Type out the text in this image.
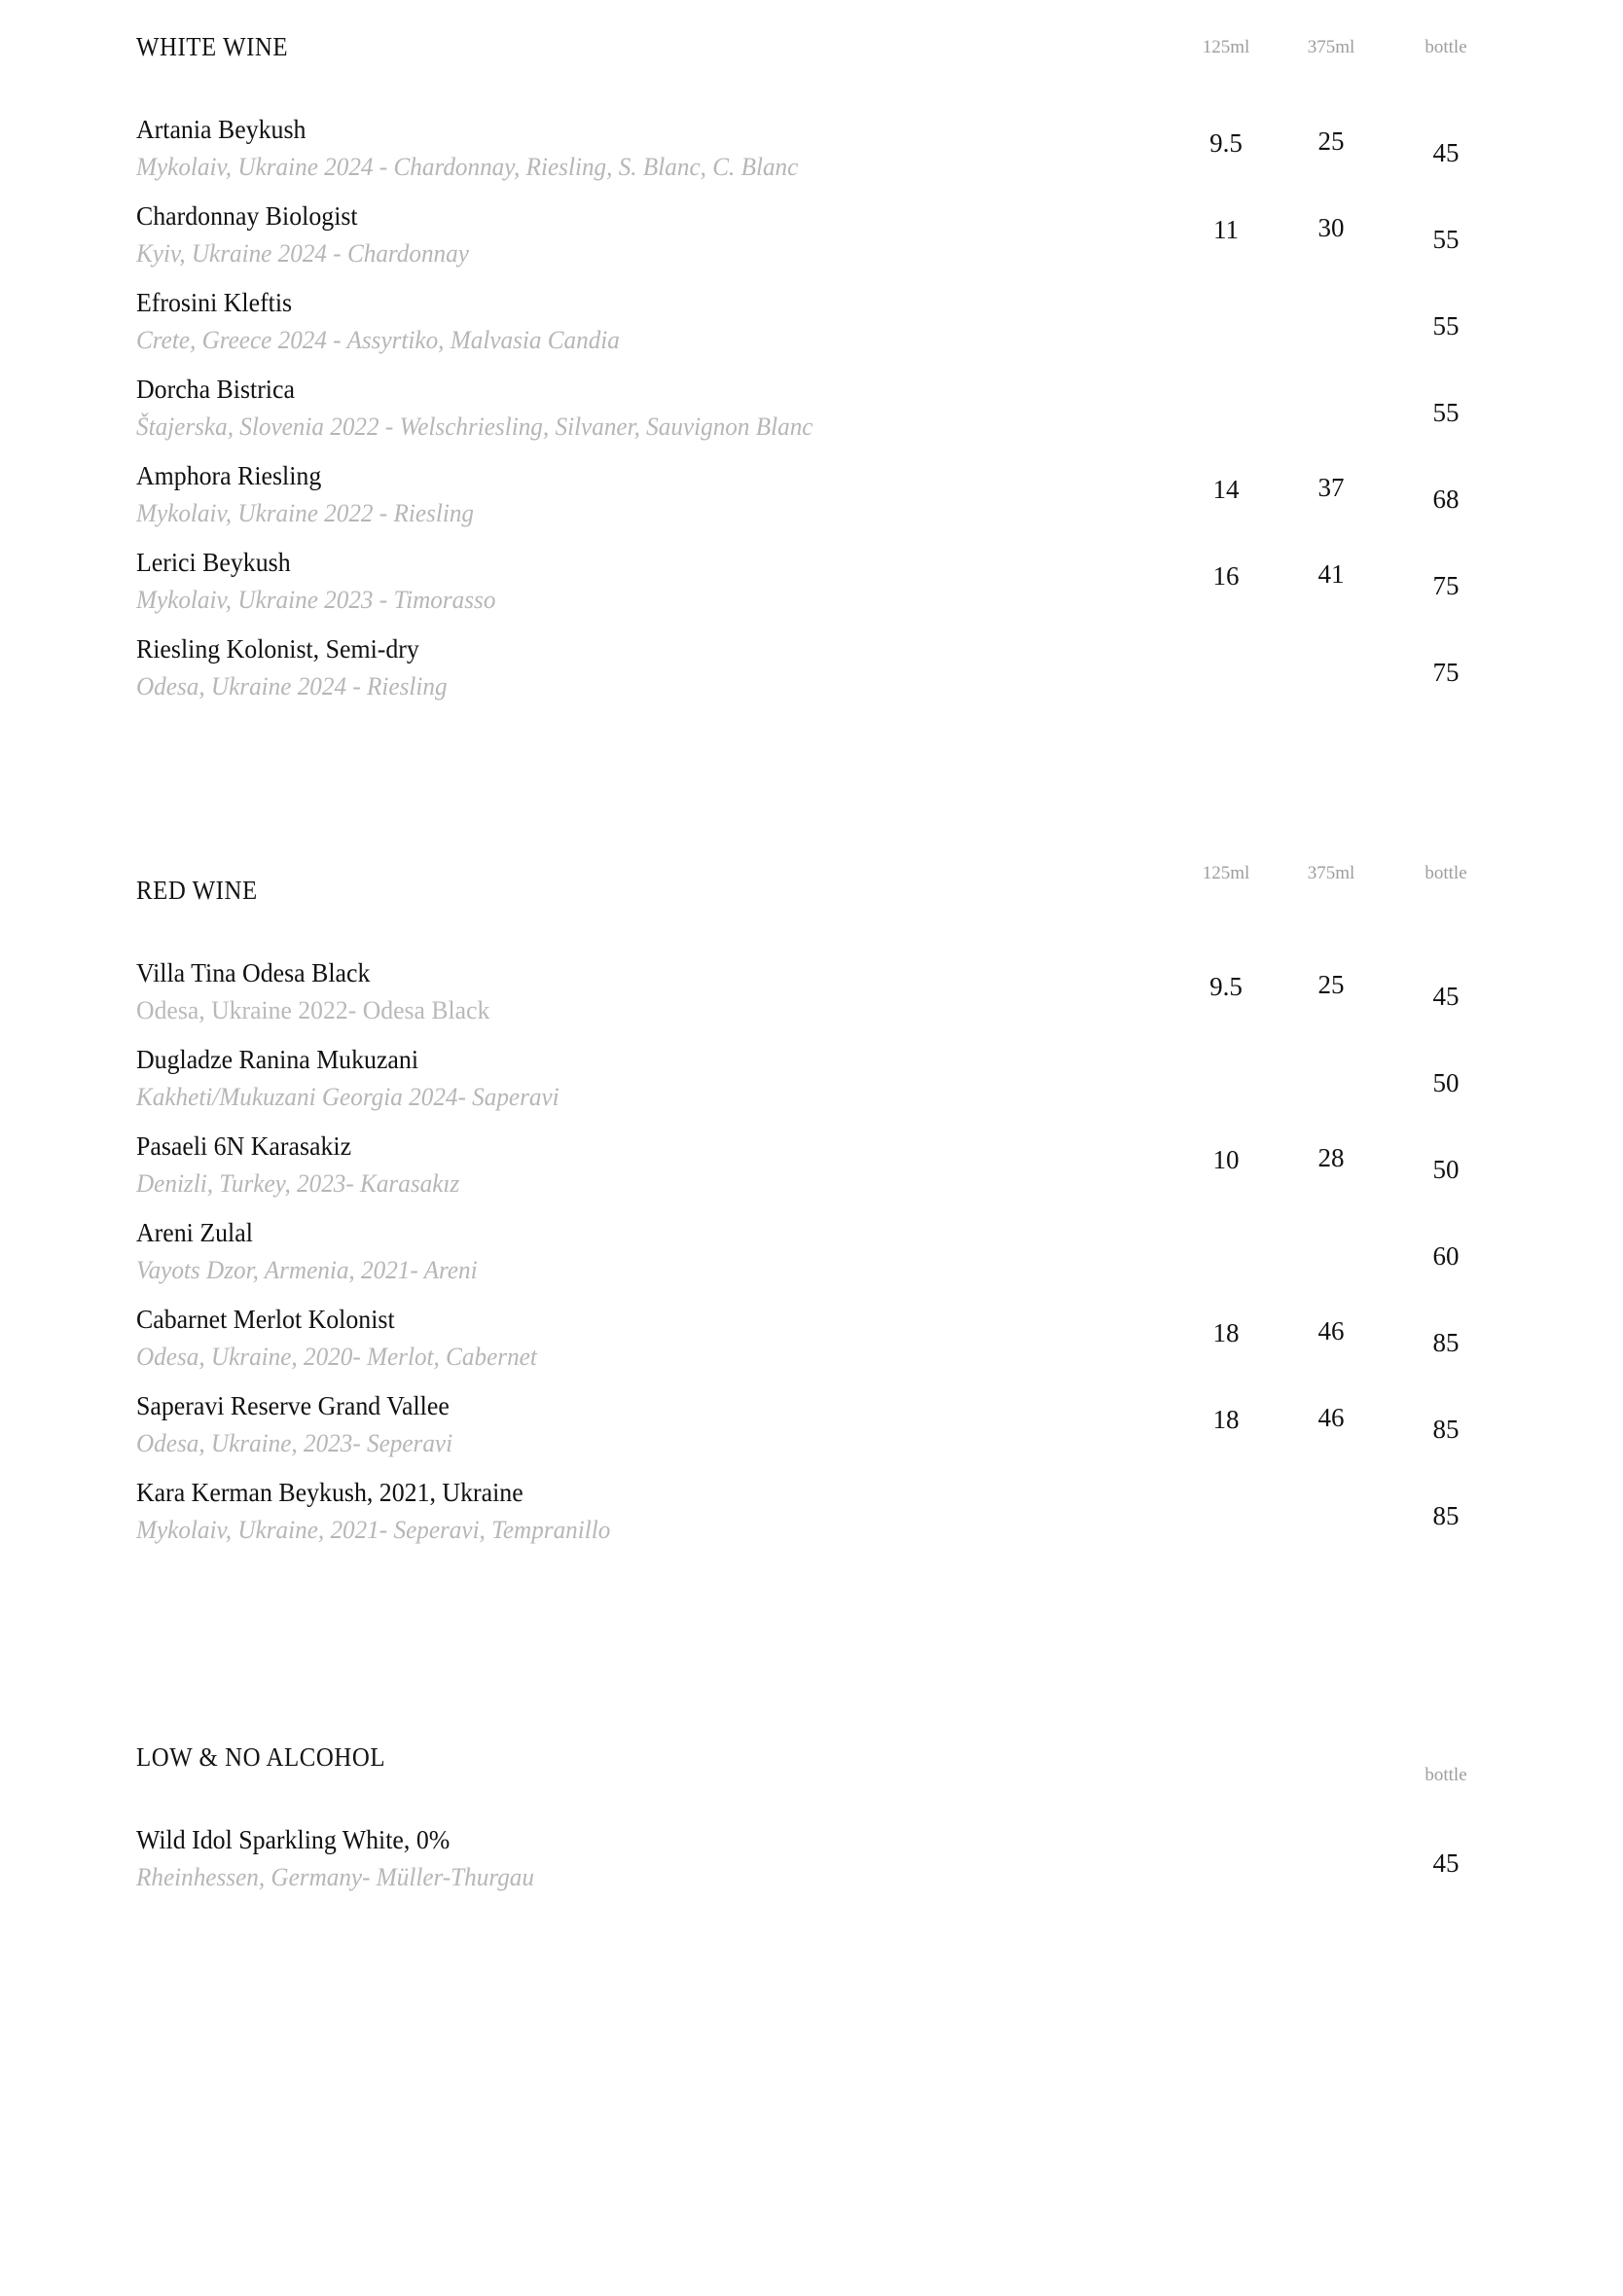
WHITE WINE	125ml	375ml	bottle
Artania Beykush
Mykolaiv, Ukraine 2024 - Chardonnay, Riesling, S. Blanc, C. Blanc
9.5	25	45
Chardonnay Biologist
Kyiv, Ukraine 2024 - Chardonnay
11	30	55
Efrosini Kleftis
Crete, Greece 2024 - Assyrtiko, Malvasia Candia	55
Dorcha Bistrica
Štajerska, Slovenia 2022 - Welschriesling, Silvaner, Sauvignon Blanc	55
Amphora Riesling
Mykolaiv, Ukraine 2022 - Riesling
14	37	68
Lerici Beykush
Mykolaiv, Ukraine 2023 - Timorasso
16	41	75
Riesling Kolonist, Semi-dry
Odesa, Ukraine 2024 - Riesling	75
RED WINE
125ml	375ml	bottle
Villa Tina Odesa Black
Odesa, Ukraine 2022- Odesa Black
9.5	25	45
Dugladze Ranina Mukuzani
Kakheti/Mukuzani Georgia 2024- Saperavi	50
Pasaeli 6N Karasakiz
Denizli, Turkey, 2023- Karasakız
10	28	50
Areni Zulal
Vayots Dzor, Armenia, 2021- Areni	60
Cabarnet Merlot Kolonist
Odesa, Ukraine, 2020- Merlot, Cabernet
18	46	85
Saperavi Reserve Grand Vallee
Odesa, Ukraine, 2023- Seperavi
18	46	85
Kara Kerman Beykush, 2021, Ukraine
Mykolaiv, Ukraine, 2021- Seperavi, Tempranillo	85
LOW & NO ALCOHOL
bottle
Wild Idol Sparkling White, 0%
Rheinhessen, Germany- Müller-Thurgau	45
